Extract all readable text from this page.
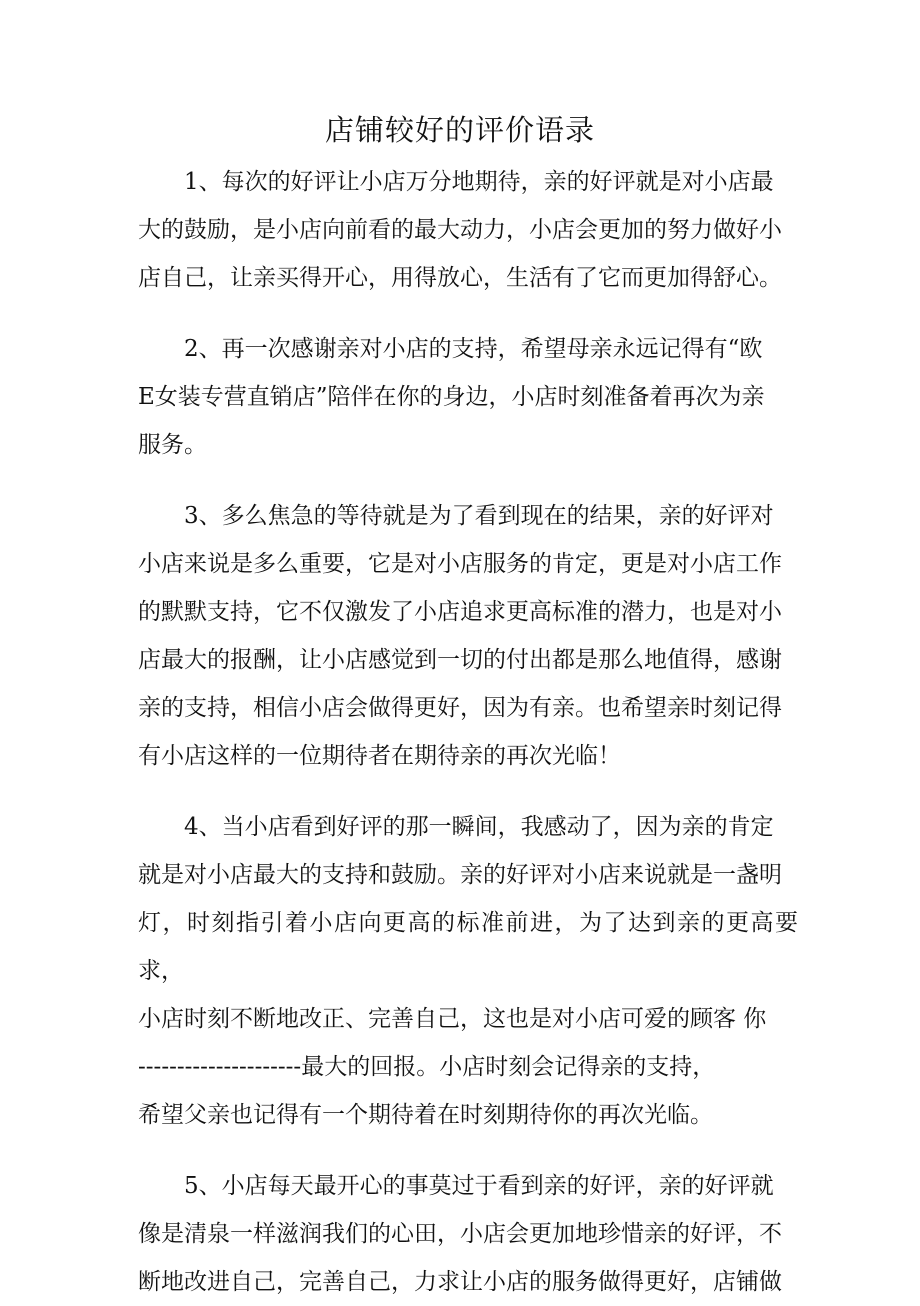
店铺较好的评价语录

1、每次的好评让小店万分地期待，亲的好评就是对小店最
大的鼓励，是小店向前看的最大动力，小店会更加的努力做好小
店自己，让亲买得开心，用得放心，生活有了它而更加得舒心。

2、再一次感谢亲对小店的支持，希望母亲永远记得有“欧
E女装专营直销店”陪伴在你的身边，小店时刻准备着再次为亲
服务。

3、多么焦急的等待就是为了看到现在的结果，亲的好评对
小店来说是多么重要，它是对小店服务的肯定，更是对小店工作
的默默支持，它不仅激发了小店追求更高标准的潜力，也是对小
店最大的报酬，让小店感觉到一切的付出都是那么地值得，感谢
亲的支持，相信小店会做得更好，因为有亲。也希望亲时刻记得
有小店这样的一位期待者在期待亲的再次光临！

4、当小店看到好评的那一瞬间，我感动了，因为亲的肯定
就是对小店最大的支持和鼓励。亲的好评对小店来说就是一盏明
灯，时刻指引着小店向更高的标准前进，为了达到亲的更高要求，
小店时刻不断地改正、完善自己，这也是对小店可爱的顾客 你
---------------------最大的回报。小店时刻会记得亲的支持，
希望父亲也记得有一个期待着在时刻期待你的再次光临。

5、小店每天最开心的事莫过于看到亲的好评，亲的好评就
像是清泉一样滋润我们的心田，小店会更加地珍惜亲的好评，不
断地改进自己，完善自己，力求让小店的服务做得更好，店铺做
